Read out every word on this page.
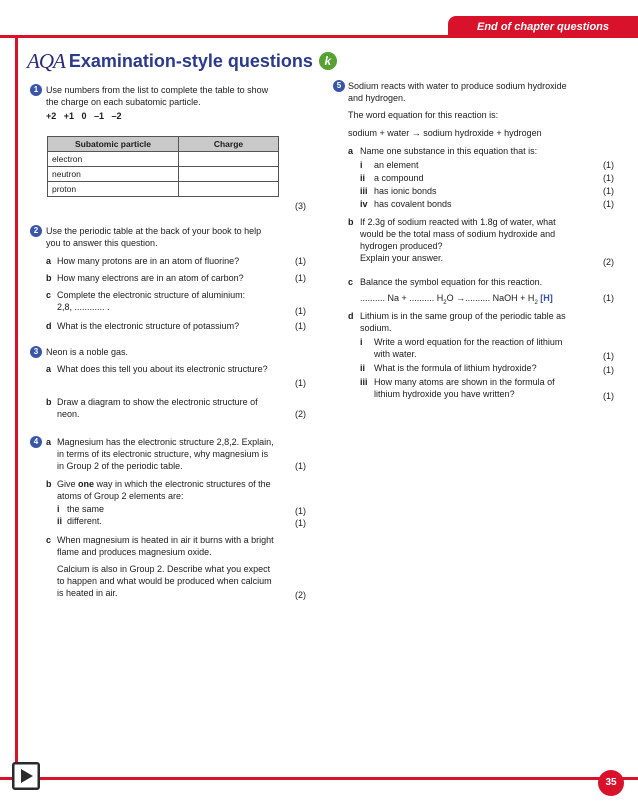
End of chapter questions
35
AQA Examination-style questions k
1 Use numbers from the list to complete the table to show
the charge on each subatomic particle.
+2   +1   0   –1   –2
Subatomic particle	Charge
electron	
neutron	
proton	
(3)
2 Use the periodic table at the back of your book to help
you to answer this question.
a How many protons are in an atom of fluorine?	(1)
b How many electrons are in an atom of carbon?	(1)
c Complete the electronic structure of aluminium:
2,8, ............ .	(1)
d What is the electronic structure of potassium?	(1)
3 Neon is a noble gas.
a What does this tell you about its electronic structure?
(1)
b Draw a diagram to show the electronic structure of
neon.	(2)
4 a Magnesium has the electronic structure 2,8,2. Explain,
in terms of its electronic structure, why magnesium is
in Group 2 of the periodic table.	(1)
b Give one way in which the electronic structures of the
atoms of Group 2 elements are:
i the same	(1)
ii different.	(1)
c When magnesium is heated in air it burns with a bright
flame and produces magnesium oxide.
Calcium is also in Group 2. Describe what you expect
to happen and what would be produced when calcium
is heated in air.	(2)
5 Sodium reacts with water to produce sodium hydroxide
and hydrogen.
The word equation for this reaction is:
sodium + water → sodium hydroxide + hydrogen
a Name one substance in this equation that is:
i an element	(1)
ii a compound	(1)
iii has ionic bonds	(1)
iv has covalent bonds	(1)
b If 2.3g of sodium reacted with 1.8g of water, what
would be the total mass of sodium hydroxide and
hydrogen produced?
Explain your answer.	(2)
c Balance the symbol equation for this reaction.
.......... Na + .......... $H_2O$ →.......... NaOH + $H_2$ [H]	(1)
d Lithium is in the same group of the periodic table as
sodium.
i Write a word equation for the reaction of lithium
with water.	(1)
ii What is the formula of lithium hydroxide?	(1)
iii How many atoms are shown in the formula of
lithium hydroxide you have written?	(1)
